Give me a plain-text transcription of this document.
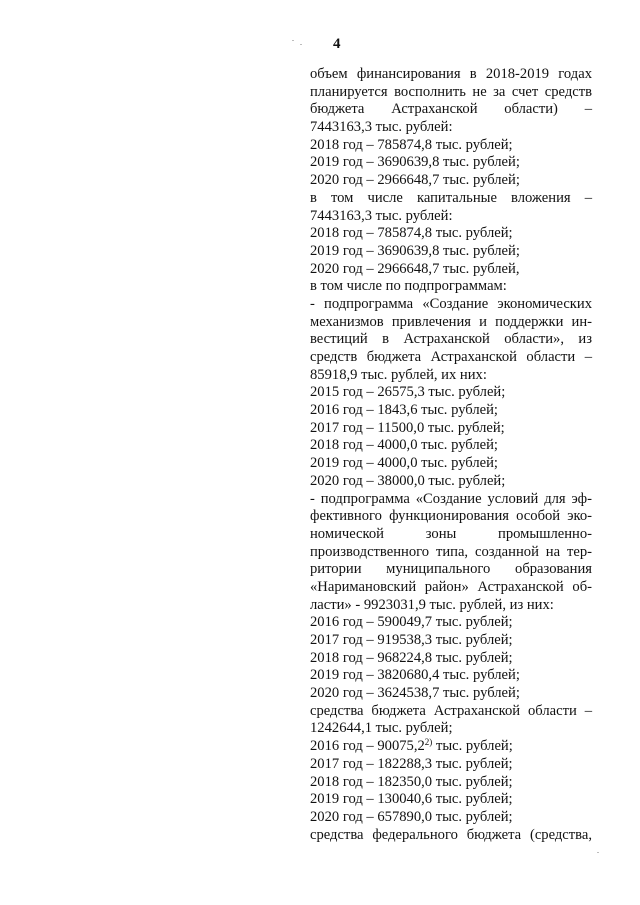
4
объем финансирования в 2018-2019 годах
планируется восполнить не за счет средств
бюджета Астраханской области) –
7443163,3 тыс. рублей:
2018 год – 785874,8 тыс. рублей;
2019 год – 3690639,8 тыс. рублей;
2020 год – 2966648,7 тыс. рублей;
в том числе капитальные вложения –
7443163,3 тыс. рублей:
2018 год – 785874,8 тыс. рублей;
2019 год – 3690639,8 тыс. рублей;
2020 год – 2966648,7 тыс. рублей,
в том числе по подпрограммам:
- подпрограмма «Создание экономических
механизмов привлечения и поддержки ин-
вестиций в Астраханской области», из
средств бюджета Астраханской области –
85918,9 тыс. рублей, их них:
2015 год – 26575,3 тыс. рублей;
2016 год – 1843,6 тыс. рублей;
2017 год – 11500,0 тыс. рублей;
2018 год – 4000,0 тыс. рублей;
2019 год – 4000,0 тыс. рублей;
2020 год – 38000,0 тыс. рублей;
- подпрограмма «Создание условий для эф-
фективного функционирования особой эко-
номической зоны промышленно-
производственного типа, созданной на тер-
ритории муниципального образования
«Наримановский район» Астраханской об-
ласти» - 9923031,9 тыс. рублей, из них:
2016 год – 590049,7 тыс. рублей;
2017 год – 919538,3 тыс. рублей;
2018 год – 968224,8 тыс. рублей;
2019 год – 3820680,4 тыс. рублей;
2020 год – 3624538,7 тыс. рублей;
средства бюджета Астраханской области –
1242644,1 тыс. рублей;
2016 год – 90075,2$^{2)}$ тыс. рублей;
2017 год – 182288,3 тыс. рублей;
2018 год – 182350,0 тыс. рублей;
2019 год – 130040,6 тыс. рублей;
2020 год – 657890,0 тыс. рублей;
средства федерального бюджета (средства,
